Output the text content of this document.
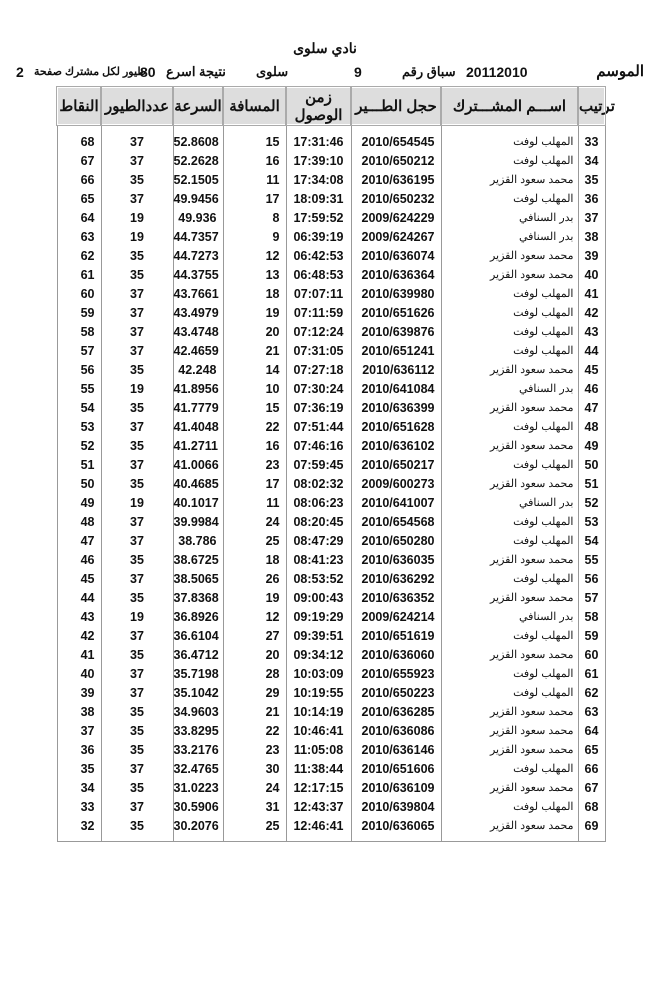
نادي سلوى
الموسم
20112010
سباق رقم
9
سلوى
نتيجة اسرع
80
طيور لكل مشترك صفحة
2
النقاط	عددالطيور	السرعة	المسافة	زمن الوصول	حجل الطـــير	اســـم المشـــترك	ترتيب
68	37	52.8608	15	17:31:46	2010/654545	المهلب لوفت	33
67	37	52.2628	16	17:39:10	2010/650212	المهلب لوفت	34
66	35	52.1505	11	17:34:08	2010/636195	محمد سعود القزير	35
65	37	49.9456	17	18:09:31	2010/650232	المهلب لوفت	36
64	19	49.936	8	17:59:52	2009/624229	بدر السنافي	37
63	19	44.7357	9	06:39:19	2009/624267	بدر السنافي	38
62	35	44.7273	12	06:42:53	2010/636074	محمد سعود القزير	39
61	35	44.3755	13	06:48:53	2010/636364	محمد سعود القزير	40
60	37	43.7661	18	07:07:11	2010/639980	المهلب لوفت	41
59	37	43.4979	19	07:11:59	2010/651626	المهلب لوفت	42
58	37	43.4748	20	07:12:24	2010/639876	المهلب لوفت	43
57	37	42.4659	21	07:31:05	2010/651241	المهلب لوفت	44
56	35	42.248	14	07:27:18	2010/636112	محمد سعود القزير	45
55	19	41.8956	10	07:30:24	2010/641084	بدر السنافي	46
54	35	41.7779	15	07:36:19	2010/636399	محمد سعود القزير	47
53	37	41.4048	22	07:51:44	2010/651628	المهلب لوفت	48
52	35	41.2711	16	07:46:16	2010/636102	محمد سعود القزير	49
51	37	41.0066	23	07:59:45	2010/650217	المهلب لوفت	50
50	35	40.4685	17	08:02:32	2009/600273	محمد سعود القزير	51
49	19	40.1017	11	08:06:23	2010/641007	بدر السنافي	52
48	37	39.9984	24	08:20:45	2010/654568	المهلب لوفت	53
47	37	38.786	25	08:47:29	2010/650280	المهلب لوفت	54
46	35	38.6725	18	08:41:23	2010/636035	محمد سعود القزير	55
45	37	38.5065	26	08:53:52	2010/636292	المهلب لوفت	56
44	35	37.8368	19	09:00:43	2010/636352	محمد سعود القزير	57
43	19	36.8926	12	09:19:29	2009/624214	بدر السنافي	58
42	37	36.6104	27	09:39:51	2010/651619	المهلب لوفت	59
41	35	36.4712	20	09:34:12	2010/636060	محمد سعود القزير	60
40	37	35.7198	28	10:03:09	2010/655923	المهلب لوفت	61
39	37	35.1042	29	10:19:55	2010/650223	المهلب لوفت	62
38	35	34.9603	21	10:14:19	2010/636285	محمد سعود القزير	63
37	35	33.8295	22	10:46:41	2010/636086	محمد سعود القزير	64
36	35	33.2176	23	11:05:08	2010/636146	محمد سعود القزير	65
35	37	32.4765	30	11:38:44	2010/651606	المهلب لوفت	66
34	35	31.0223	24	12:17:15	2010/636109	محمد سعود القزير	67
33	37	30.5906	31	12:43:37	2010/639804	المهلب لوفت	68
32	35	30.2076	25	12:46:41	2010/636065	محمد سعود القزير	69
